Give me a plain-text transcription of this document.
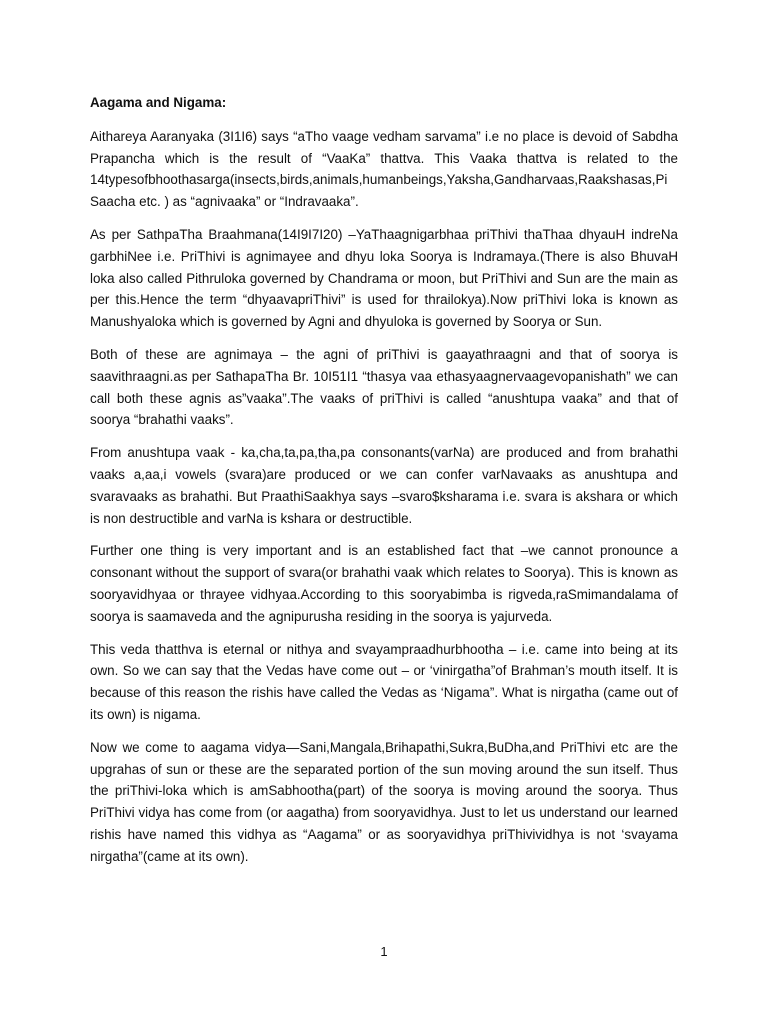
Aagama and Nigama:

Aithareya Aaranyaka (3I1I6) says “aTho vaage vedham sarvama” i.e no place is devoid of Sabdha Prapancha which is the result of “VaaKa” thattva. This Vaaka thattva is related to the 14typesofbhoothasarga(insects,birds,animals,humanbeings,Yaksha,Gandharvaas,Raakshasas,Pi Saacha etc. ) as “agnivaaka” or “Indravaaka”.

As per SathpaTha Braahmana(14I9I7I20) –YaThaagnigarbhaa priThivi thaThaa dhyauH indreNa garbhiNee i.e. PriThivi is agnimayee and dhyu loka Soorya is Indramaya.(There is also BhuvaH loka also called Pithruloka governed by Chandrama or moon, but PriThivi and Sun are the main as per this.Hence the term “dhyaavapriThivi” is used for thrailokya).Now priThivi loka is known as Manushyaloka which is governed by Agni and dhyuloka is governed by Soorya or Sun.

Both of these are agnimaya – the agni of priThivi is gaayathraagni and that of soorya is saavithraagni.as per SathapaTha Br. 10I51I1 “thasya vaa ethasyaagnervaagevopanishath” we can call both these agnis as”vaaka”.The vaaks of priThivi is called “anushtupa vaaka” and that of soorya “brahathi vaaks”.

From anushtupa vaak - ka,cha,ta,pa,tha,pa consonants(varNa) are produced and from brahathi vaaks a,aa,i vowels (svara)are produced or we can confer varNavaaks as anushtupa and svaravaaks as brahathi. But PraathiSaakhya says –svaro$ksharama i.e. svara is akshara or which is non destructible and varNa is kshara or destructible.

Further one thing is very important and is an established fact that –we cannot pronounce a consonant without the support of svara(or brahathi vaak which relates to Soorya). This is known as sooryavidhyaa or thrayee vidhyaa.According to this sooryabimba is rigveda,raSmimandalama of soorya is saamaveda and the agnipurusha residing in the soorya is yajurveda.

This veda thatthva is eternal or nithya and svayampraadhurbhootha – i.e. came into being at its own. So we can say that the Vedas have come out – or ‘vinirgatha”of Brahman’s mouth itself. It is because of this reason the rishis have called the Vedas as ‘Nigama”. What is nirgatha (came out of its own) is nigama.

Now we come to aagama vidya—Sani,Mangala,Brihapathi,Sukra,BuDha,and PriThivi etc are the upgrahas of sun or these are the separated portion of the sun moving around the sun itself. Thus the priThivi-loka which is amSabhootha(part) of the soorya is moving around the soorya. Thus PriThivi vidya has come from (or aagatha) from sooryavidhya. Just to let us understand our learned rishis have named this vidhya as “Aagama” or as sooryavidhya priThivividhya is not ‘svayama nirgatha”(came at its own).

1
